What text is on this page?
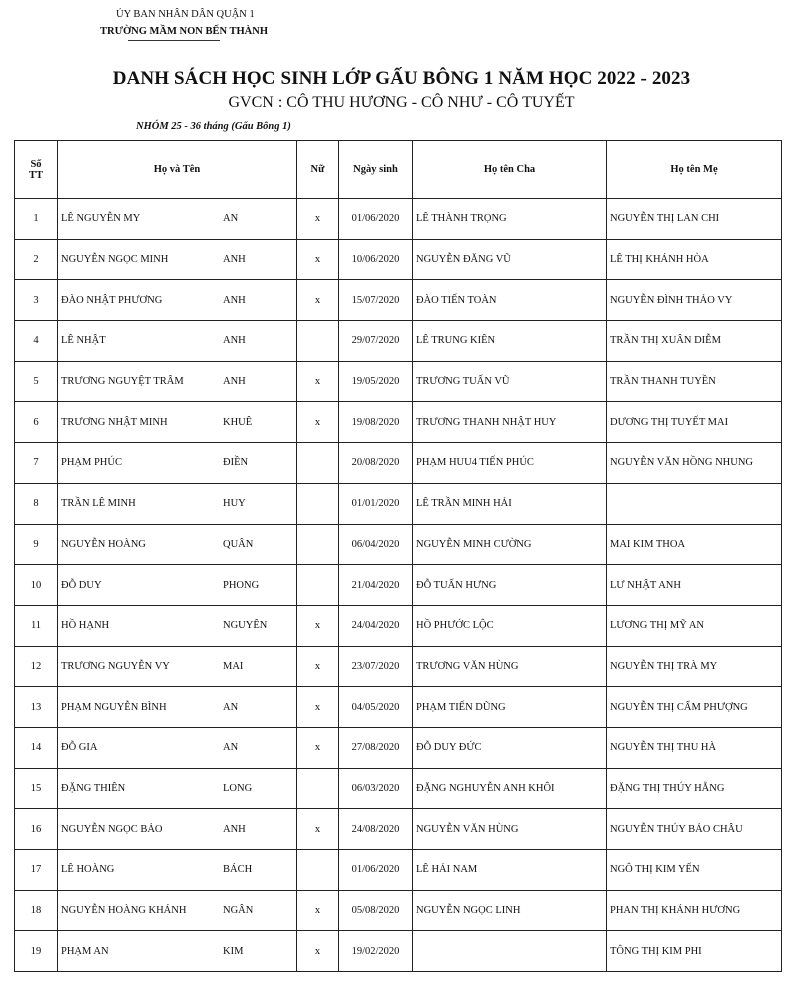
ỦY BAN NHÂN DÂN QUẬN 1
TRƯỜNG MẦM NON BẾN THÀNH
DANH SÁCH HỌC SINH LỚP GẤU BÔNG 1 NĂM HỌC 2022 - 2023
GVCN : CÔ THU HƯƠNG - CÔ NHƯ - CÔ TUYẾT
NHÓM 25 - 36 tháng (Gấu Bông 1)
Số
TT	Họ và Tên	Nữ	Ngày sinh	Họ tên Cha	Họ tên Mẹ
1	LÊ NGUYỄN MY AN	x	01/06/2020	LÊ THÀNH TRỌNG	NGUYỄN THỊ LAN CHI
2	NGUYỄN NGỌC MINH ANH	x	10/06/2020	NGUYỄN ĐĂNG VŨ	LÊ THỊ KHÁNH HÒA
3	ĐÀO NHẬT PHƯƠNG ANH	x	15/07/2020	ĐÀO TIẾN TOÀN	NGUYỄN ĐÌNH THẢO VY
4	LÊ NHẬT ANH		29/07/2020	LÊ TRUNG KIÊN	TRẦN THỊ XUÂN DIỄM
5	TRƯƠNG NGUYỆT TRÂM ANH	x	19/05/2020	TRƯƠNG TUẤN VŨ	TRẦN THANH TUYỀN
6	TRƯƠNG NHẬT MINH KHUÊ	x	19/08/2020	TRƯƠNG THANH NHẬT HUY	DƯƠNG THỊ TUYẾT MAI
7	PHẠM PHÚC ĐIỀN		20/08/2020	PHẠM HUU4 TIẾN PHÚC	NGUYỄN VĂN HỒNG NHUNG
8	TRẦN LÊ MINH HUY		01/01/2020	LÊ TRẦN MINH HẢI	
9	NGUYỄN HOÀNG QUÂN		06/04/2020	NGUYỄN MINH CƯỜNG	MAI KIM THOA
10	ĐỖ DUY PHONG		21/04/2020	ĐỖ TUẤN HƯNG	LƯ NHẬT ANH
11	HỒ HẠNH NGUYÊN	x	24/04/2020	HỒ PHƯỚC LỘC	LƯƠNG THỊ MỸ AN
12	TRƯƠNG NGUYỄN VY MAI	x	23/07/2020	TRƯƠNG VĂN HÙNG	NGUYỄN THỊ TRÀ MY
13	PHẠM NGUYỄN BÌNH AN	x	04/05/2020	PHẠM TIẾN DŨNG	NGUYỄN THỊ CẨM PHƯỢNG
14	ĐỖ GIA AN	x	27/08/2020	ĐỖ DUY ĐỨC	NGUYỄN THỊ THU HÀ
15	ĐẶNG THIÊN LONG		06/03/2020	ĐẶNG NGHUYỄN ANH KHÔI	ĐẶNG THỊ THÚY HẰNG
16	NGUYỄN NGỌC BẢO ANH	x	24/08/2020	NGUYỄN VĂN HÙNG	NGUYỄN THÚY BẢO CHÂU
17	LÊ HOÀNG BÁCH		01/06/2020	LÊ HẢI NAM	NGÔ THỊ KIM YẾN
18	NGUYỄN HOÀNG KHÁNH NGÂN	x	05/08/2020	NGUYỄN NGỌC LINH	PHAN THỊ KHÁNH HƯƠNG
19	PHẠM AN KIM	x	19/02/2020		TÔNG THỊ KIM PHI
